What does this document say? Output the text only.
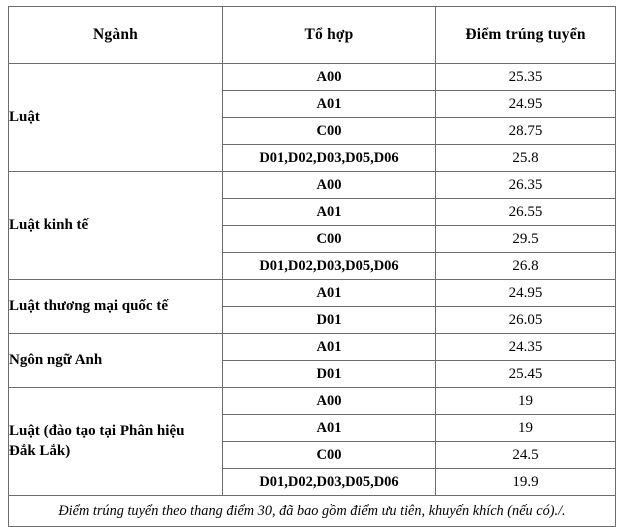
Ngành	Tổ hợp	Điểm trúng tuyển

Luật	A00	25.35
	A01	24.95
	C00	28.75
	D01,D02,D03,D05,D06	25.8

Luật kinh tế	A00	26.35
	A01	26.55
	C00	29.5
	D01,D02,D03,D05,D06	26.8

Luật thương mại quốc tế	A01	24.95
	D01	26.05

Ngôn ngữ Anh	A01	24.35
	D01	25.45

Luật (đào tạo tại Phân hiệu
Đắk Lắk)	A00	19
	A01	19
	C00	24.5
	D01,D02,D03,D05,D06	19.9
Điểm trúng tuyển theo thang điểm 30, đã bao gồm điểm ưu tiên, khuyến khích (nếu có)./.		
